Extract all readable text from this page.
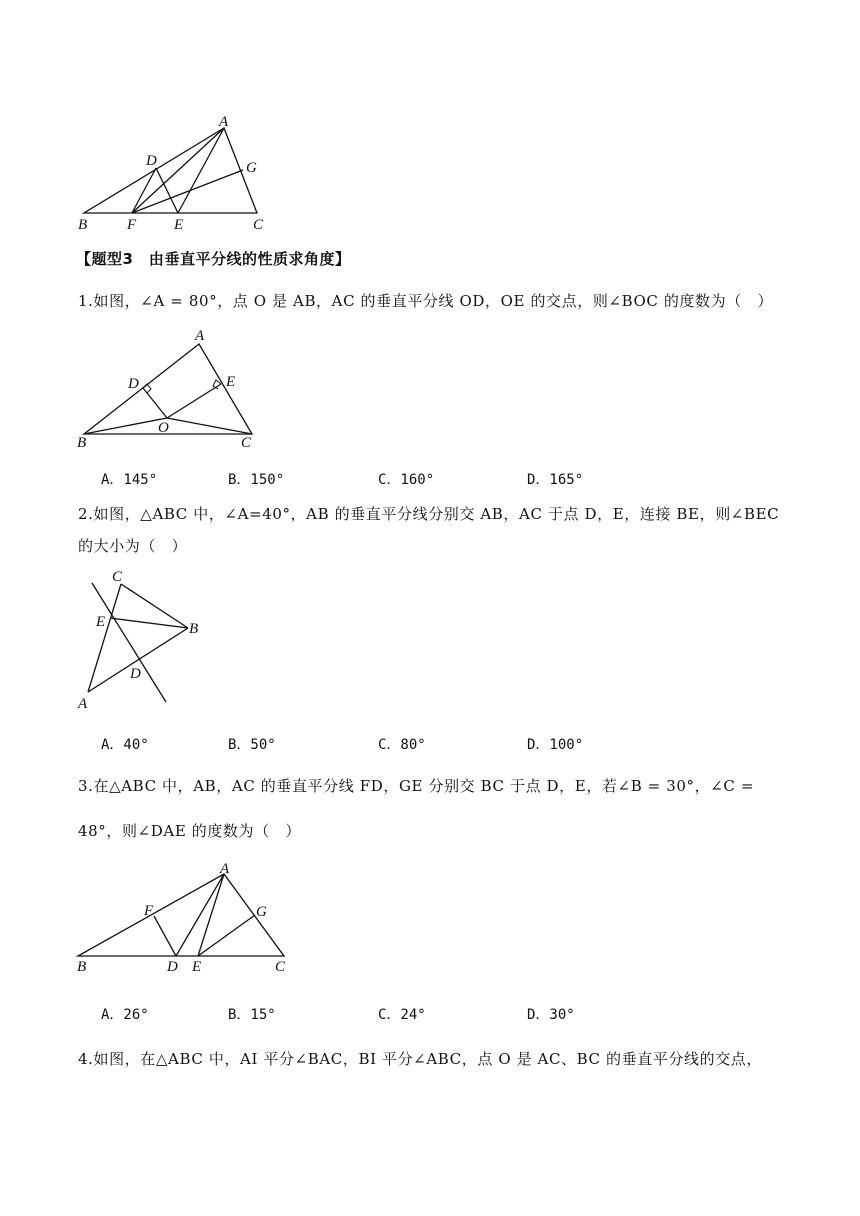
A
B	C
D
E
F
G
【题型3　由垂直平分线的性质求角度】
1.如图，∠A = 80°，点 O 是 AB，AC 的垂直平分线 OD，OE 的交点，则∠BOC 的度数为（　）
A
B	C
D	E
O
A．145°	B．150°	C．160°	D．165°
2.如图，△ABC 中，∠A=40°，AB 的垂直平分线分别交 AB，AC 于点 D，E，连接 BE，则∠BEC
的大小为（　）
C
E	B
D
A
A．40°	B．50°	C．80°	D．100°
3.在△ABC 中，AB，AC 的垂直平分线 FD，GE 分别交 BC 于点 D，E，若∠B = 30°，∠C =
48°，则∠DAE 的度数为（　）
A
B	C
D E
F	G
A．26°	B．15°	C．24°	D．30°
4.如图，在△ABC 中，AI 平分∠BAC，BI 平分∠ABC，点 O 是 AC、BC 的垂直平分线的交点，
